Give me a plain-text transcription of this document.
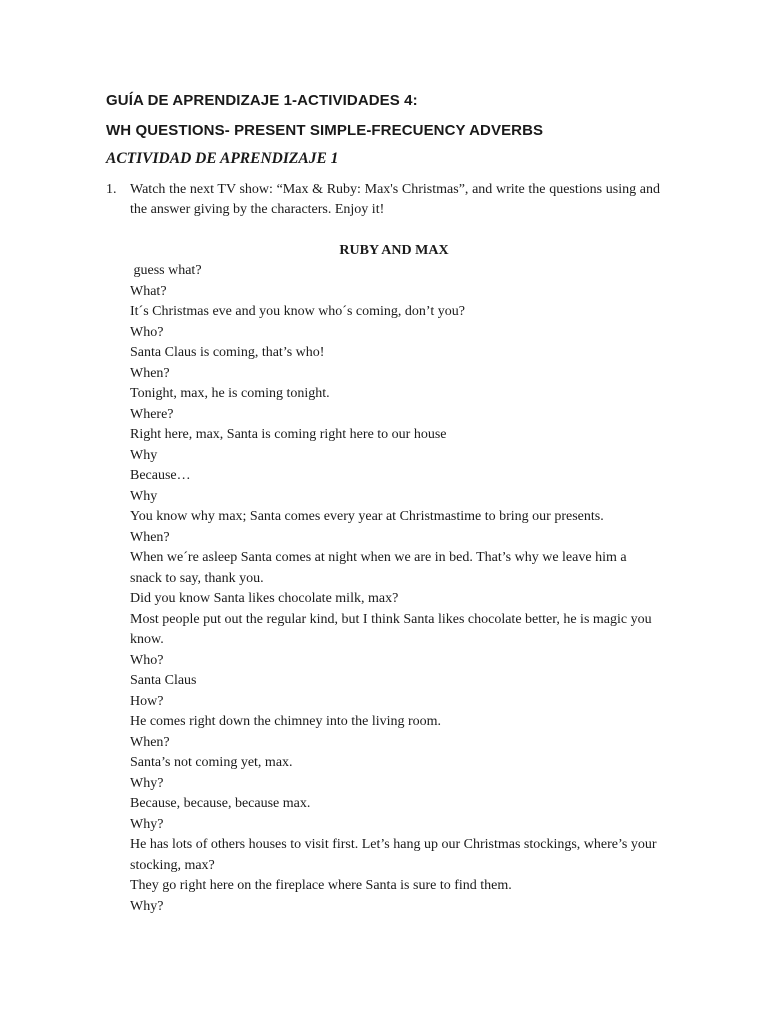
GUÍA DE APRENDIZAJE 1-ACTIVIDADES 4:
WH QUESTIONS- PRESENT SIMPLE-FRECUENCY ADVERBS
ACTIVIDAD DE APRENDIZAJE 1
1. Watch the next TV show: “Max & Ruby: Max's Christmas”, and write the questions using and the answer giving by the characters. Enjoy it!
RUBY AND MAX
guess what?
What?
It´s Christmas eve and you know who´s coming, don’t you?
Who?
Santa Claus is coming, that’s who!
When?
Tonight, max, he is coming tonight.
Where?
Right here, max, Santa is coming right here to our house
Why
Because…
Why
You know why max; Santa comes every year at Christmastime to bring our presents.
When?
When we´re asleep Santa comes at night when we are in bed. That’s why we leave him a snack to say, thank you.
Did you know Santa likes chocolate milk, max?
Most people put out the regular kind, but I think Santa likes chocolate better, he is magic you know.
Who?
Santa Claus
How?
He comes right down the chimney into the living room.
When?
Santa’s not coming yet, max.
Why?
Because, because, because max.
Why?
He has lots of others houses to visit first. Let’s hang up our Christmas stockings, where’s your stocking, max?
They go right here on the fireplace where Santa is sure to find them.
Why?
